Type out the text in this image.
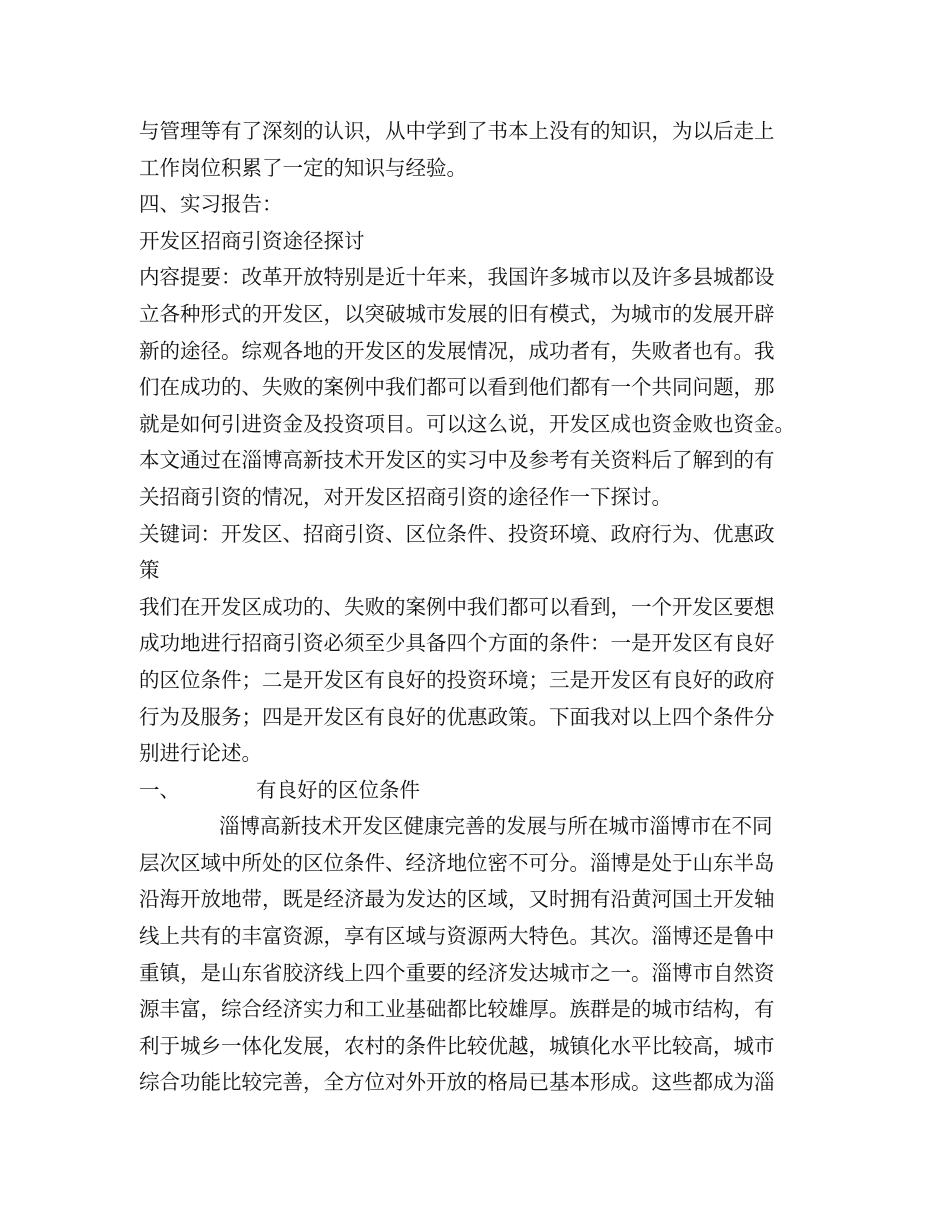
与管理等有了深刻的认识，从中学到了书本上没有的知识，为以后走上
工作岗位积累了一定的知识与经验。
四、实习报告：
开发区招商引资途径探讨
内容提要：改革开放特别是近十年来，我国许多城市以及许多县城都设
立各种形式的开发区，以突破城市发展的旧有模式，为城市的发展开辟
新的途径。综观各地的开发区的发展情况，成功者有，失败者也有。我
们在成功的、失败的案例中我们都可以看到他们都有一个共同问题，那
就是如何引进资金及投资项目。可以这么说，开发区成也资金败也资金。
本文通过在淄博高新技术开发区的实习中及参考有关资料后了解到的有
关招商引资的情况，对开发区招商引资的途径作一下探讨。
关键词：开发区、招商引资、区位条件、投资环境、政府行为、优惠政
策
我们在开发区成功的、失败的案例中我们都可以看到，一个开发区要想
成功地进行招商引资必须至少具备四个方面的条件：一是开发区有良好
的区位条件；二是开发区有良好的投资环境；三是开发区有良好的政府
行为及服务；四是开发区有良好的优惠政策。下面我对以上四个条件分
别进行论述。
一、	有良好的区位条件
淄博高新技术开发区健康完善的发展与所在城市淄博市在不同
层次区域中所处的区位条件、经济地位密不可分。淄博是处于山东半岛
沿海开放地带，既是经济最为发达的区域，又时拥有沿黄河国土开发轴
线上共有的丰富资源，享有区域与资源两大特色。其次。淄博还是鲁中
重镇，是山东省胶济线上四个重要的经济发达城市之一。淄博市自然资
源丰富，综合经济实力和工业基础都比较雄厚。族群是的城市结构，有
利于城乡一体化发展，农村的条件比较优越，城镇化水平比较高，城市
综合功能比较完善，全方位对外开放的格局已基本形成。这些都成为淄
